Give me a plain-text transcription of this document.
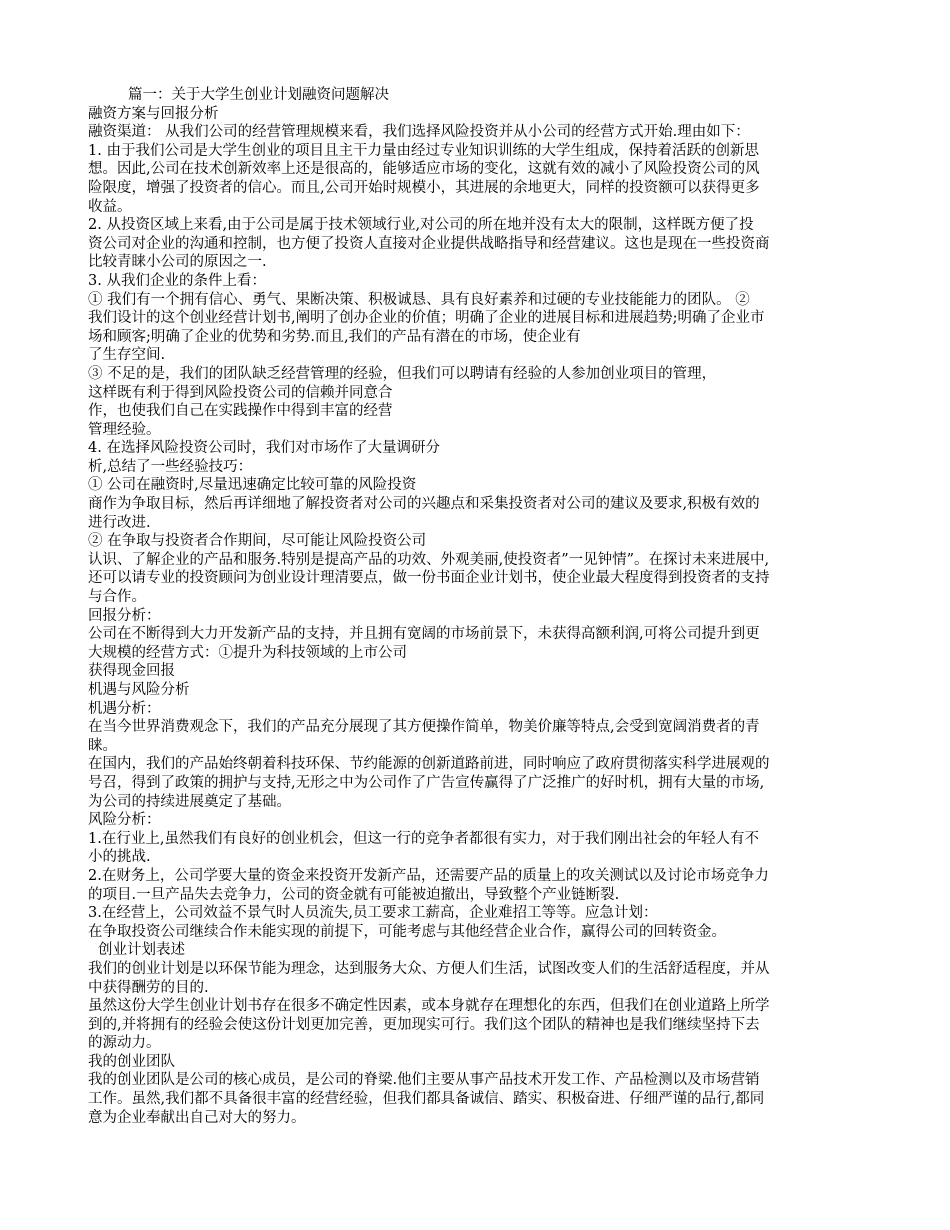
篇一：关于大学生创业计划融资问题解决
融资方案与回报分析
融资渠道： 从我们公司的经营管理规模来看，我们选择风险投资并从小公司的经营方式开始.理由如下：
1. 由于我们公司是大学生创业的项目且主干力量由经过专业知识训练的大学生组成，保持着活跃的创新思
想。因此,公司在技术创新效率上还是很高的，能够适应市场的变化，这就有效的减小了风险投资公司的风
险限度，增强了投资者的信心。而且,公司开始时规模小，其进展的余地更大，同样的投资额可以获得更多
收益。
2. 从投资区域上来看,由于公司是属于技术领域行业,对公司的所在地并没有太大的限制，这样既方便了投
资公司对企业的沟通和控制，也方便了投资人直接对企业提供战略指导和经营建议。这也是现在一些投资商
比较青睐小公司的原因之一.
3. 从我们企业的条件上看：
① 我们有一个拥有信心、勇气、果断决策、积极诚恳、具有良好素养和过硬的专业技能能力的团队。 ②
我们设计的这个创业经营计划书,阐明了创办企业的价值；明确了企业的进展目标和进展趋势;明确了企业市
场和顾客;明确了企业的优势和劣势.而且,我们的产品有潜在的市场，使企业有
了生存空间.
③ 不足的是，我们的团队缺乏经营管理的经验，但我们可以聘请有经验的人参加创业项目的管理，
这样既有利于得到风险投资公司的信赖并同意合
作，也使我们自己在实践操作中得到丰富的经营
管理经验。
4. 在选择风险投资公司时，我们对市场作了大量调研分
析,总结了一些经验技巧：
① 公司在融资时,尽量迅速确定比较可靠的风险投资
商作为争取目标，然后再详细地了解投资者对公司的兴趣点和采集投资者对公司的建议及要求,积极有效的
进行改进.
② 在争取与投资者合作期间，尽可能让风险投资公司
认识、了解企业的产品和服务.特别是提高产品的功效、外观美丽,使投资者”一见钟情”。在探讨未来进展中,
还可以请专业的投资顾问为创业设计理清要点，做一份书面企业计划书，使企业最大程度得到投资者的支持
与合作。
回报分析：
公司在不断得到大力开发新产品的支持，并且拥有宽阔的市场前景下，未获得高额利润,可将公司提升到更
大规模的经营方式：①提升为科技领域的上市公司
获得现金回报
机遇与风险分析
机遇分析：
在当今世界消费观念下，我们的产品充分展现了其方便操作简单，物美价廉等特点,会受到宽阔消费者的青
睐。
在国内，我们的产品始终朝着科技环保、节约能源的创新道路前进，同时响应了政府贯彻落实科学进展观的
号召，得到了政策的拥护与支持,无形之中为公司作了广告宣传赢得了广泛推广的好时机，拥有大量的市场,
为公司的持续进展奠定了基础。
风险分析：
1.在行业上,虽然我们有良好的创业机会，但这一行的竞争者都很有实力，对于我们刚出社会的年轻人有不
小的挑战.
2.在财务上，公司学要大量的资金来投资开发新产品，还需要产品的质量上的攻关测试以及讨论市场竞争力
的项目.一旦产品失去竞争力，公司的资金就有可能被迫撤出，导致整个产业链断裂.
3.在经营上，公司效益不景气时人员流失,员工要求工薪高，企业难招工等等。应急计划：
在争取投资公司继续合作未能实现的前提下，可能考虑与其他经营企业合作，赢得公司的回转资金。
创业计划表述
我们的创业计划是以环保节能为理念，达到服务大众、方便人们生活，试图改变人们的生活舒适程度，并从
中获得酬劳的目的.
虽然这份大学生创业计划书存在很多不确定性因素，或本身就存在理想化的东西，但我们在创业道路上所学
到的,并将拥有的经验会使这份计划更加完善，更加现实可行。我们这个团队的精神也是我们继续坚持下去
的源动力。
我的创业团队
我的创业团队是公司的核心成员，是公司的脊梁.他们主要从事产品技术开发工作、产品检测以及市场营销
工作。虽然,我们都不具备很丰富的经营经验，但我们都具备诚信、踏实、积极奋进、仔细严谨的品行,都同
意为企业奉献出自己对大的努力。
